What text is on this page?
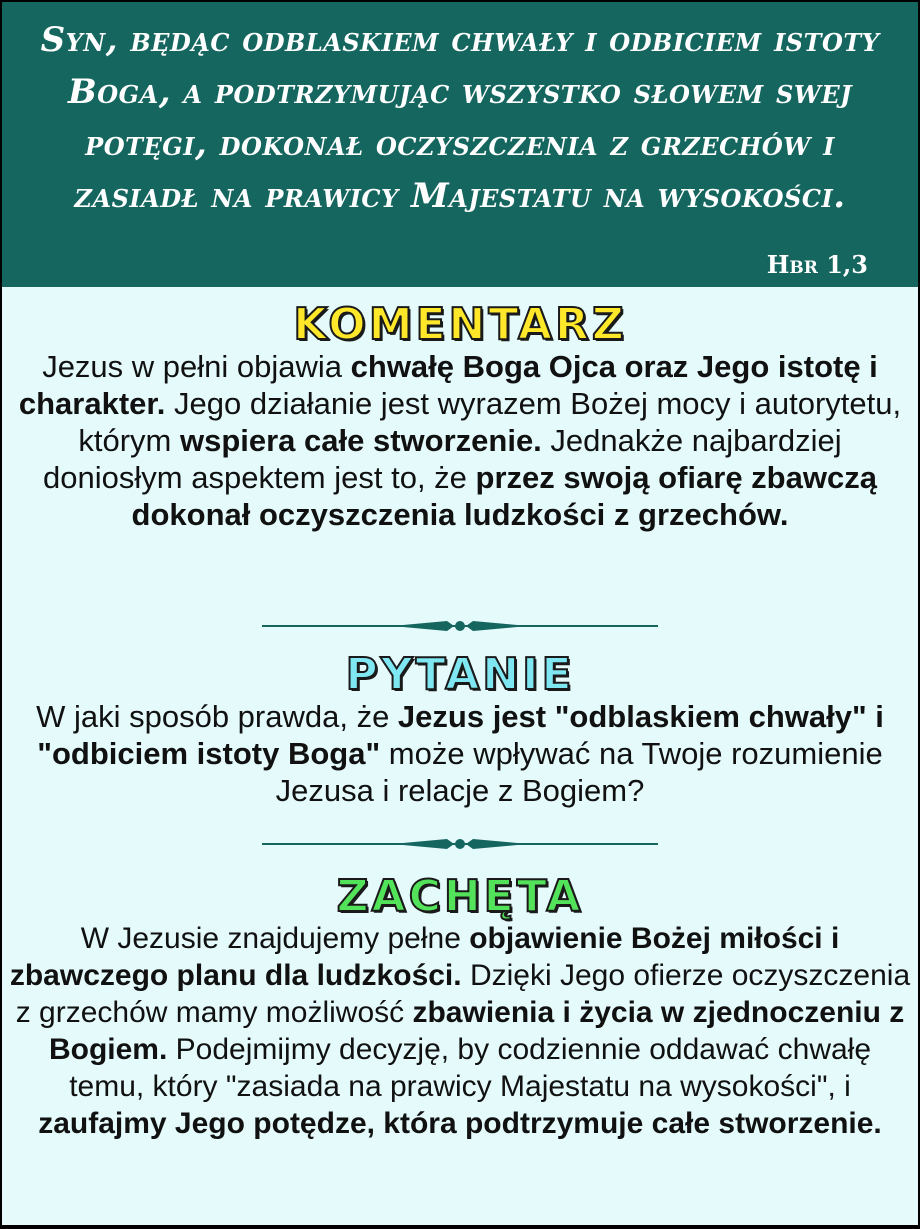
Syn, będąc odblaskiem chwały i odbiciem istoty Boga, a podtrzymując wszystko słowem swej potęgi, dokonał oczyszczenia z grzechów i zasiadł na prawicy Majestatu na wysokości.

Hbr 1,3
KOMENTARZ

Jezus w pełni objawia chwałę Boga Ojca oraz Jego istotę i charakter. Jego działanie jest wyrazem Bożej mocy i autorytetu, którym wspiera całe stworzenie. Jednakże najbardziej doniosłym aspektem jest to, że przez swoją ofiarę zbawczą dokonał oczyszczenia ludzkości z grzechów.

PYTANIE

W jaki sposób prawda, że Jezus jest "odblaskiem chwały" i "odbiciem istoty Boga" może wpływać na Twoje rozumienie Jezusa i relacje z Bogiem?

ZACHĘTA

W Jezusie znajdujemy pełne objawienie Bożej miłości i zbawczego planu dla ludzkości. Dzięki Jego ofierze oczyszczenia z grzechów mamy możliwość zbawienia i życia w zjednoczeniu z Bogiem. Podejmijmy decyzję, by codziennie oddawać chwałę temu, który "zasiada na prawicy Majestatu na wysokości", i zaufajmy Jego potędze, która podtrzymuje całe stworzenie.
